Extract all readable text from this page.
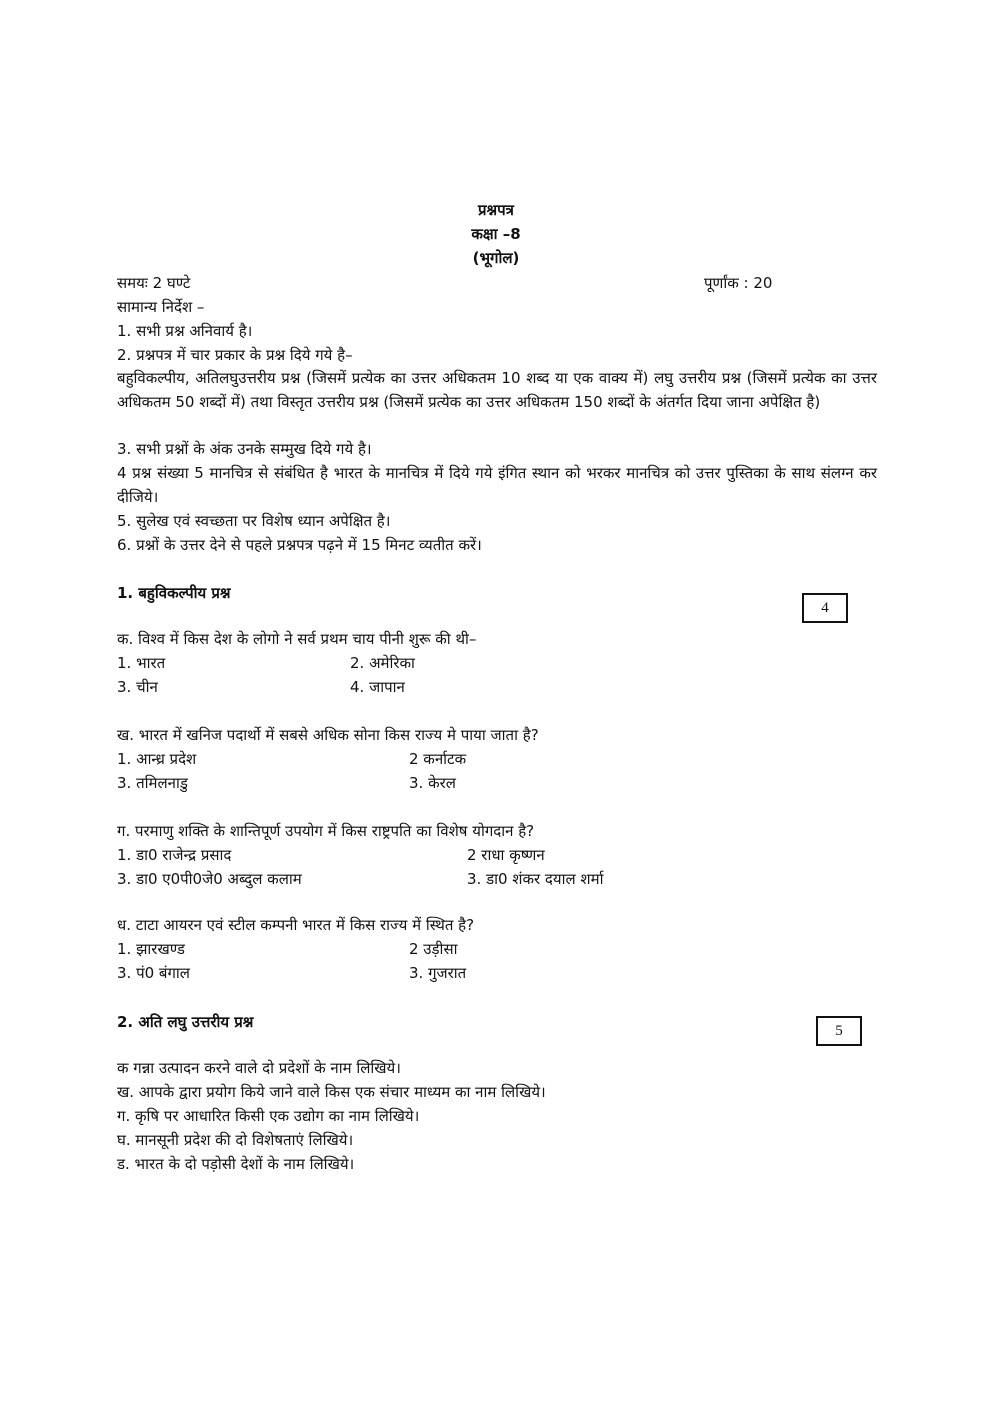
प्रश्नपत्र
कक्षा –8
(भूगोल)
समयः 2 घण्टे	पूर्णांक : 20
सामान्य निर्देश –
1. सभी प्रश्न अनिवार्य है।
2. प्रश्नपत्र में चार प्रकार के प्रश्न दिये गये है–
बहुविकल्पीय, अतिलघुउत्तरीय प्रश्न (जिसमें प्रत्येक का उत्तर अधिकतम 10 शब्द या एक वाक्य में) लघु उत्तरीय प्रश्न (जिसमें प्रत्येक का उत्तर अधिकतम 50 शब्दों में) तथा विस्तृत उत्तरीय प्रश्न (जिसमें प्रत्येक का उत्तर अधिकतम 150 शब्दों के अंतर्गत दिया जाना अपेक्षित है)
3. सभी प्रश्नों के अंक उनके सम्मुख दिये गये है।
4 प्रश्न संख्या 5 मानचित्र से संबंधित है भारत के मानचित्र में दिये गये इंगित स्थान को भरकर मानचित्र को उत्तर पुस्तिका के साथ संलग्न कर दीजिये।
5. सुलेख एवं स्वच्छता पर विशेष ध्यान अपेक्षित है।
6. प्रश्नों के उत्तर देने से पहले प्रश्नपत्र पढ़ने में 15 मिनट व्यतीत करें।
1. बहुविकल्पीय प्रश्न
4
क. विश्व में किस देश के लोगो ने सर्व प्रथम चाय पीनी शुरू की थी–
1. भारत	2. अमेरिका
3. चीन	4. जापान
ख. भारत में खनिज पदार्थो में सबसे अधिक सोना किस राज्य मे पाया जाता है?
1. आन्ध्र प्रदेश	2 कर्नाटक
3. तमिलनाडु	3. केरल
ग. परमाणु शक्ति के शान्तिपूर्ण उपयोग में किस राष्ट्रपति का विशेष योगदान है?
1. डा0 राजेन्द्र प्रसाद	2 राधा कृष्णन
3. डा0 ए0पी0जे0 अब्दुल कलाम	3. डा0 शंकर दयाल शर्मा
ध. टाटा आयरन एवं स्टील कम्पनी भारत में किस राज्य में स्थित है?
1. झारखण्ड	2 उड़ीसा
3. पं0 बंगाल	3. गुजरात
2. अति लघु उत्तरीय प्रश्न	5
क गन्ना उत्पादन करने वाले दो प्रदेशों के नाम लिखिये।
ख. आपके द्वारा प्रयोग किये जाने वाले किस एक संचार माध्यम का नाम लिखिये।
ग. कृषि पर आधारित किसी एक उद्योग का नाम लिखिये।
घ. मानसूनी प्रदेश की दो विशेषताएं लिखिये।
ड. भारत के दो पड़ोसी देशों के नाम लिखिये।
